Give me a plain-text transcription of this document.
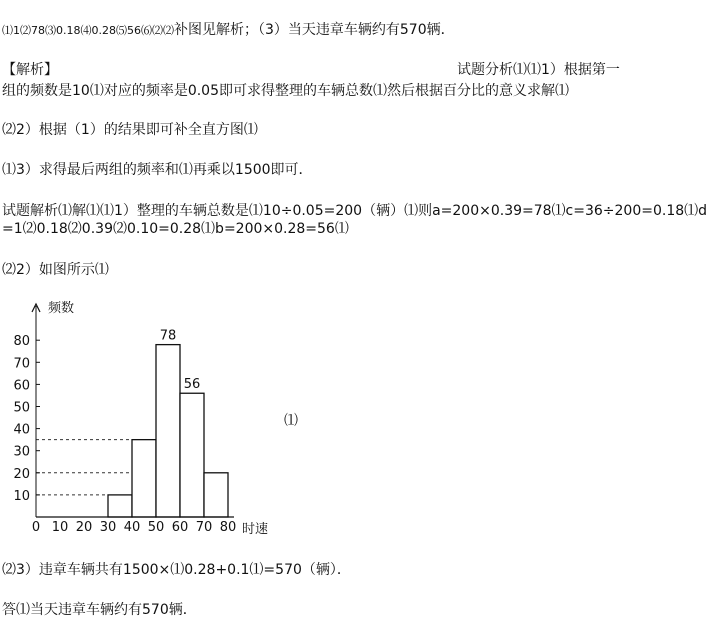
⑴1⑵78⑶0.18⑷0.28⑸56⑹⑵⑵补图见解析；（3）当天违章车辆约有570辆．
【解析】	试题分析⑴⑴1）根据第一
组的频数是10⑴对应的频率是0.05即可求得整理的车辆总数⑴然后根据百分比的意义求解⑴
⑵2）根据（1）的结果即可补全直方图⑴
⑴3）求得最后两组的频率和⑴再乘以1500即可．
试题解析⑴解⑴⑴1）整理的车辆总数是⑴10÷0.05=200（辆）⑴则a=200×0.39=78⑴c=36÷200=0.18⑴d
=1⑵0.18⑵0.39⑵0.10=0.28⑴b=200×0.28=56⑴
⑵2）如图所示⑴
78
56
10
20
30
40
50
60
70
80
0 10 20 30 40 50 60 70 80
频数
时速
⑴
⑵3）违章车辆共有1500×⑴0.28+0.1⑴=570（辆）．
答⑴当天违章车辆约有570辆．
